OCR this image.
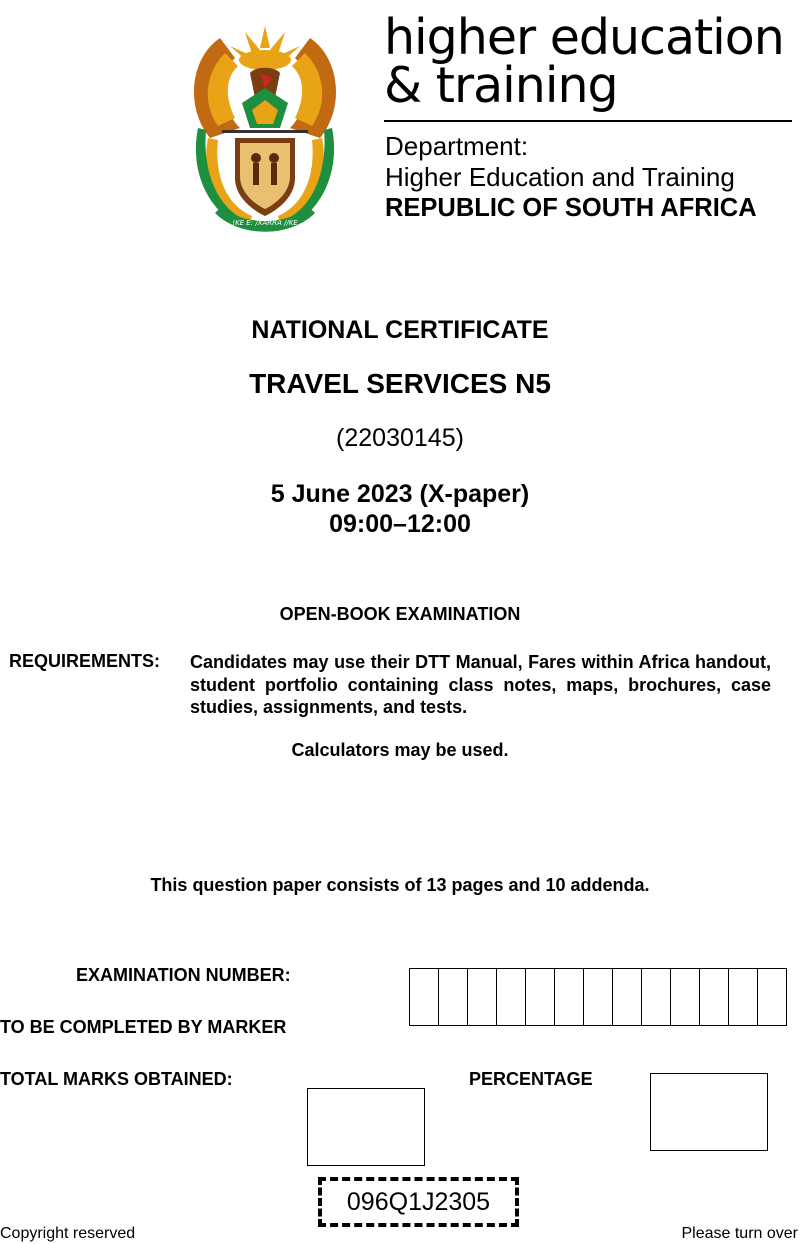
!KE E: /XARRA //KE
higher education
& training
Department:
Higher Education and Training
REPUBLIC OF SOUTH AFRICA
NATIONAL CERTIFICATE
TRAVEL SERVICES N5
(22030145)
5 June 2023 (X-paper)
09:00–12:00
OPEN-BOOK EXAMINATION
REQUIREMENTS: Candidates may use their DTT Manual, Fares within Africa handout, student portfolio containing class notes, maps, brochures, case studies, assignments, and tests.
Calculators may be used.
This question paper consists of 13 pages and 10 addenda.
EXAMINATION NUMBER:
TO BE COMPLETED BY MARKER
TOTAL MARKS OBTAINED:	PERCENTAGE
096Q1J2305
Copyright reserved	Please turn over
